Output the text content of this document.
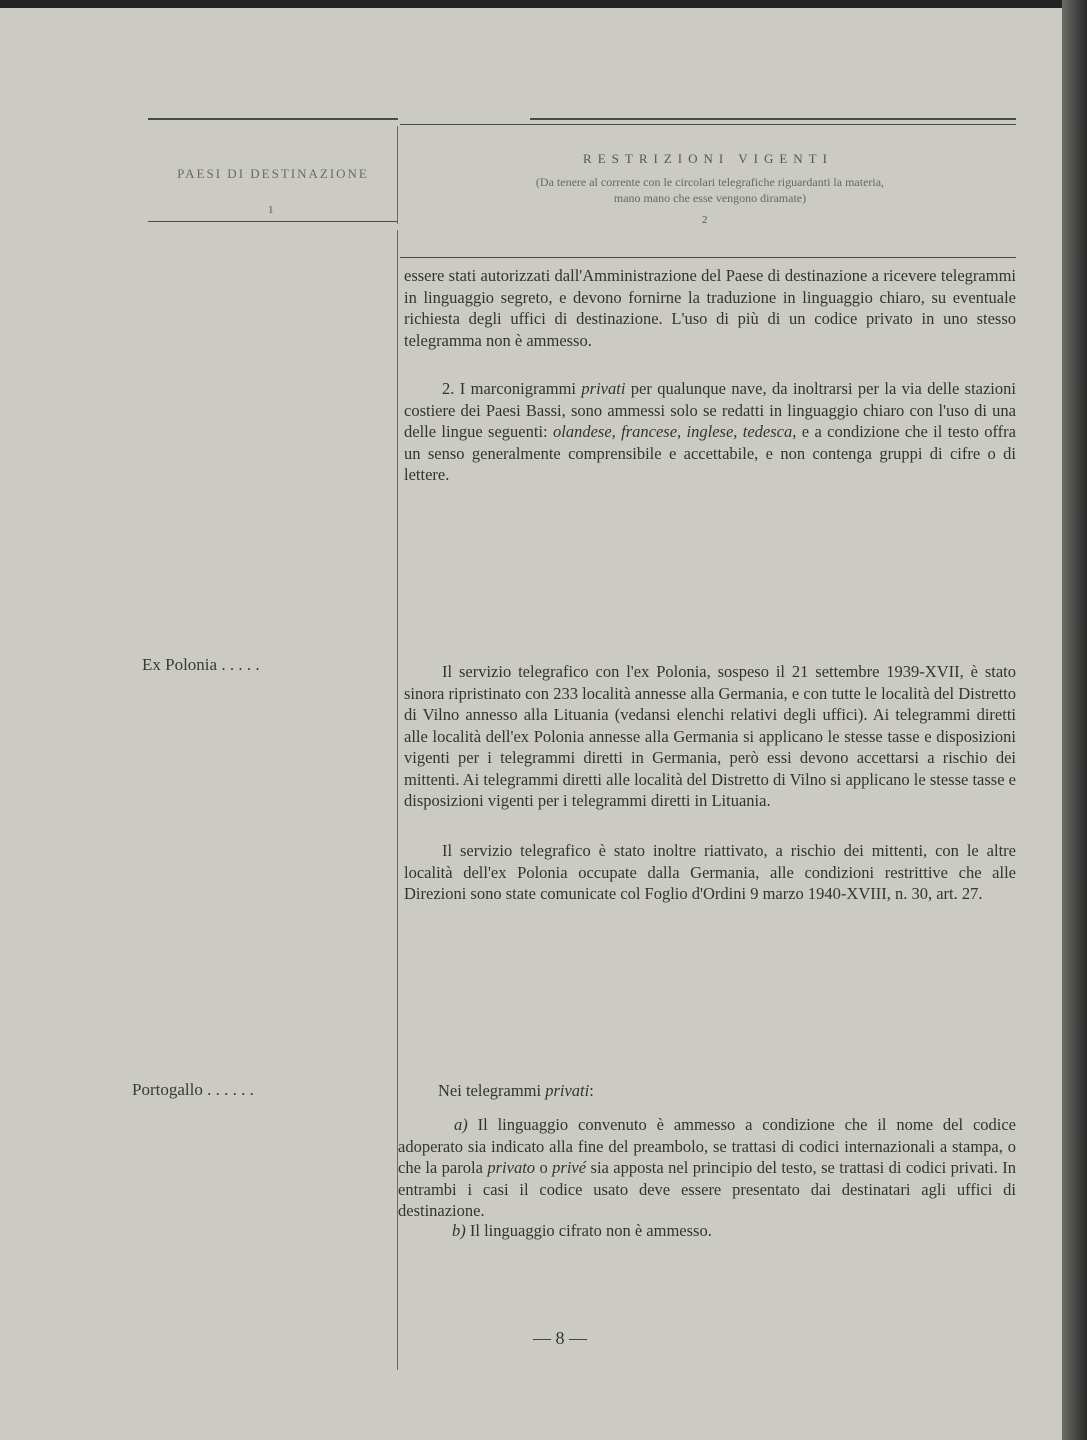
PAESI DI DESTINAZIONE
1
RESTRIZIONI VIGENTI
(Da tenere al corrente con le circolari telegrafiche riguardanti la materia,
mano mano che esse vengono diramate)
2

essere stati autorizzati dall'Amministrazione del Paese di destinazione a ricevere telegrammi in linguaggio segreto, e devono fornirne la traduzione in linguaggio chiaro, su eventuale richiesta degli uffici di destinazione. L'uso di più di un codice privato in uno stesso telegramma non è ammesso.

2. I marconigrammi privati per qualunque nave, da inoltrarsi per la via delle stazioni costiere dei Paesi Bassi, sono ammessi solo se redatti in linguaggio chiaro con l'uso di una delle lingue seguenti: olandese, francese, inglese, tedesca, e a condizione che il testo offra un senso generalmente comprensibile e accettabile, e non contenga gruppi di cifre o di lettere.

Ex Polonia . . . . .	Il servizio telegrafico con l'ex Polonia, sospeso il 21 settembre 1939-XVII, è stato sinora ripristinato con 233 località annesse alla Germania, e con tutte le località del Distretto di Vilno annesso alla Lituania (vedansi elenchi relativi degli uffici). Ai telegrammi diretti alle località dell'ex Polonia annesse alla Germania si applicano le stesse tasse e disposizioni vigenti per i telegrammi diretti in Germania, però essi devono accettarsi a rischio dei mittenti. Ai telegrammi diretti alle località del Distretto di Vilno si applicano le stesse tasse e disposizioni vigenti per i telegrammi diretti in Lituania.

Il servizio telegrafico è stato inoltre riattivato, a rischio dei mittenti, con le altre località dell'ex Polonia occupate dalla Germania, alle condizioni restrittive che alle Direzioni sono state comunicate col Foglio d'Ordini 9 marzo 1940-XVIII, n. 30, art. 27.

Portogallo . . . . . .	Nei telegrammi privati:

a) Il linguaggio convenuto è ammesso a condizione che il nome del codice adoperato sia indicato alla fine del preambolo, se trattasi di codici internazionali a stampa, o che la parola privato o privé sia apposta nel principio del testo, se trattasi di codici privati. In entrambi i casi il codice usato deve essere presentato dai destinatari agli uffici di destinazione.

b) Il linguaggio cifrato non è ammesso.

— 8 —
